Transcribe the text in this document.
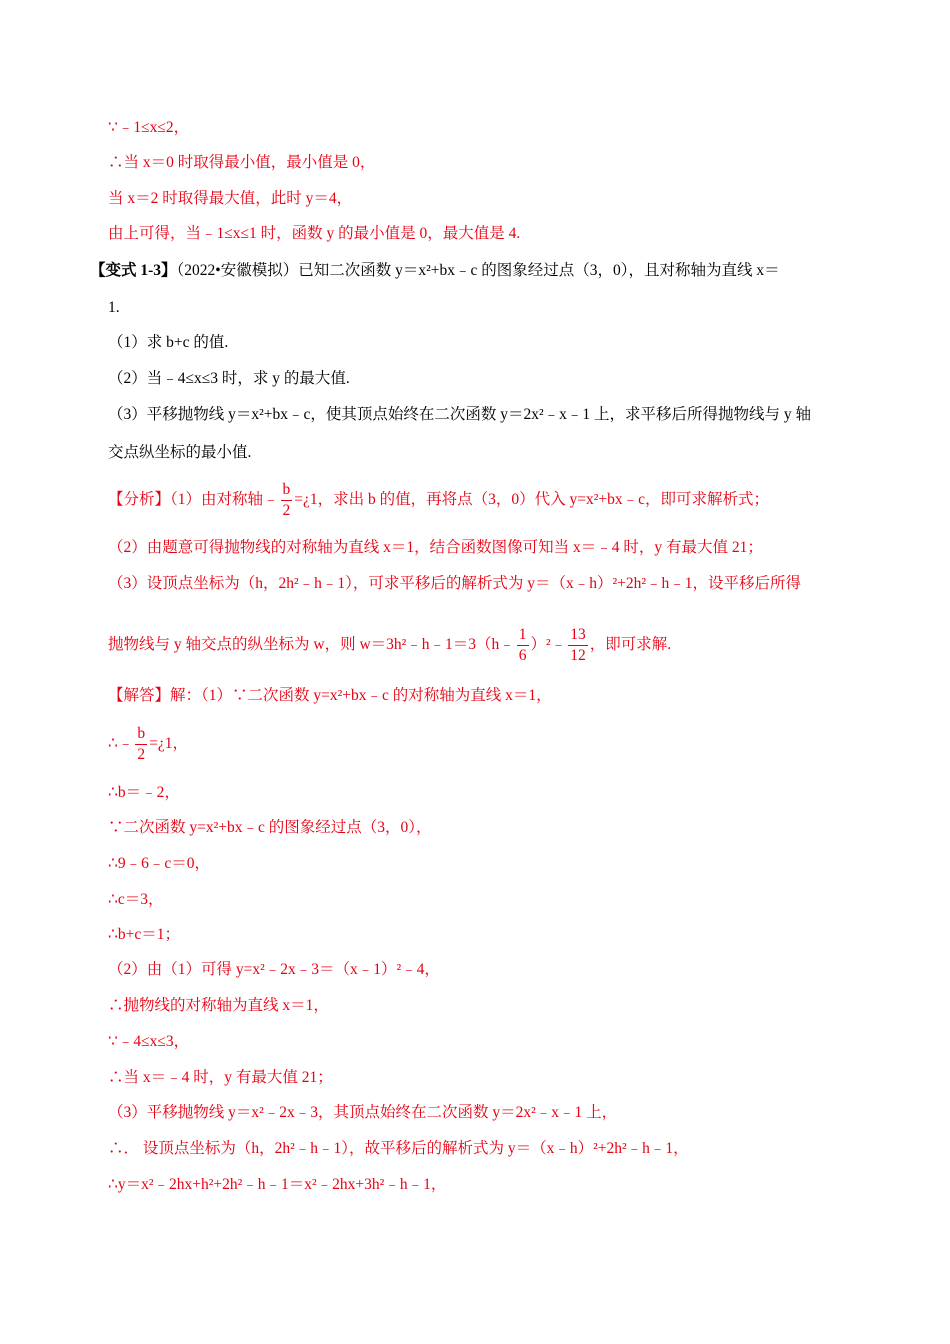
∵﹣1≤x≤2，
∴当 x＝0 时取得最小值，最小值是 0，
当 x＝2 时取得最大值，此时 y＝4，
由上可得，当﹣1≤x≤1 时，函数 y 的最小值是 0，最大值是 4.
【变式 1-3】（2022•安徽模拟）已知二次函数 y＝x²+bx﹣c 的图象经过点（3，0），且对称轴为直线 x＝
1.
（1）求 b+c 的值.
（2）当﹣4≤x≤3 时，求 y 的最大值.
（3）平移抛物线 y＝x²+bx﹣c，使其顶点始终在二次函数 y＝2x²﹣x﹣1 上，求平移后所得抛物线与 y 轴
交点纵坐标的最小值.
【分析】（1）由对称轴﹣ $\frac{b}{2}$ =¿1，求出 b 的值，再将点（3，0）代入 y=x²+bx﹣c，即可求解析式；
（2）由题意可得抛物线的对称轴为直线 x＝1，结合函数图像可知当 x＝﹣4 时，y 有最大值 21；
（3）设顶点坐标为（h，2h²﹣h﹣1），可求平移后的解析式为 y＝（x﹣h）²+2h²﹣h﹣1，设平移后所得
抛物线与 y 轴交点的纵坐标为 w，则 w＝3h²﹣h﹣1＝3（h﹣ $\frac{1}{6}$ ）²﹣ $\frac{13}{12}$ ，即可求解.
【解答】解：（1）∵二次函数 y=x²+bx﹣c 的对称轴为直线 x＝1，
∴﹣ $\frac{b}{2}$ =¿1，
∴b＝﹣2，
∵二次函数 y=x²+bx﹣c 的图象经过点（3，0），
∴9﹣6﹣c＝0，
∴c＝3，
∴b+c＝1；
（2）由（1）可得 y=x²﹣2x﹣3＝（x﹣1）²﹣4，
∴抛物线的对称轴为直线 x＝1，
∵﹣4≤x≤3，
∴当 x＝﹣4 时，y 有最大值 21；
（3）平移抛物线 y＝x²﹣2x﹣3，其顶点始终在二次函数 y＝2x²﹣x﹣1 上，
∴． 设顶点坐标为（h，2h²﹣h﹣1），故平移后的解析式为 y＝（x﹣h）²+2h²﹣h﹣1，
∴y＝x²﹣2hx+h²+2h²﹣h﹣1＝x²﹣2hx+3h²﹣h﹣1，
